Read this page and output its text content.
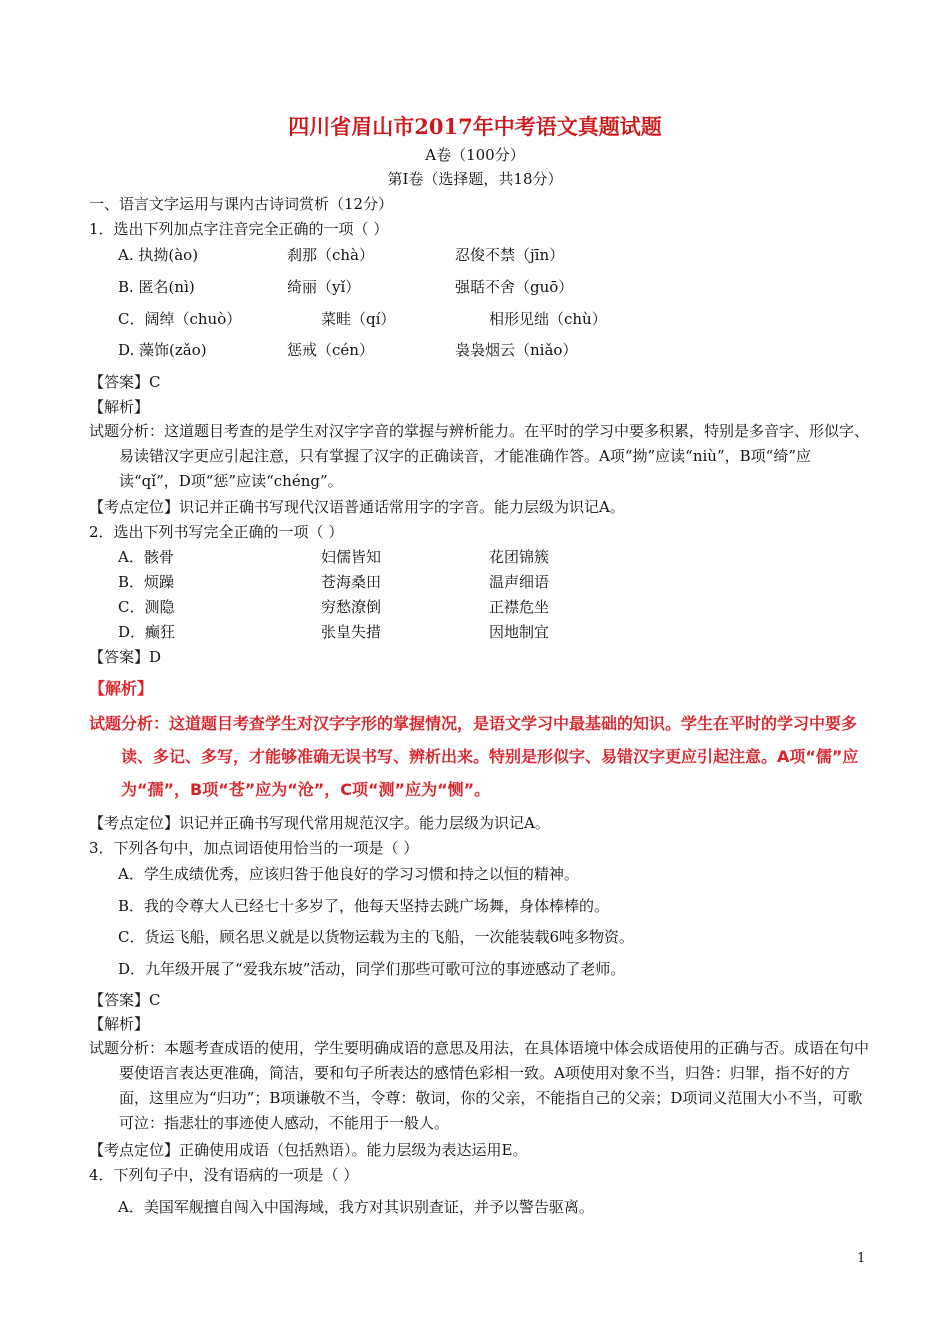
四川省眉山市2017年中考语文真题试题
A卷（100分）
第Ⅰ卷（选择题，共18分）
一、语言文字运用与课内古诗词赏析（12分）
1．选出下列加点字注音完全正确的一项（ ）
A. 执拗(ào)	刹那（chà）	忍俊不禁（jīn）
B. 匿名(nì)	绮丽（yǐ）	强聒不舍（guō）
C．阔绰（chuò）	菜畦（qí）	相形见绌（chù）
D. 藻饰(zǎo)	惩戒（cén）	袅袅烟云（niǎo）
【答案】C
【解析】
试题分析：这道题目考查的是学生对汉字字音的掌握与辨析能力。在平时的学习中要多积累，特别是多音字、形似字、易读错汉字更应引起注意，只有掌握了汉字的正确读音，才能准确作答。A项“拗”应读“niù”，B项“绮”应读“qǐ”，D项“惩”应读“chéng”。
【考点定位】识记并正确书写现代汉语普通话常用字的字音。能力层级为识记A。
2．选出下列书写完全正确的一项（ ）
A．骸骨	妇儒皆知	花团锦簇
B．烦躁	苍海桑田	温声细语
C．测隐	穷愁潦倒	正襟危坐
D．癫狂	张皇失措	因地制宜
【答案】D
【解析】
试题分析：这道题目考查学生对汉字字形的掌握情况，是语文学习中最基础的知识。学生在平时的学习中要多读、多记、多写，才能够准确无误书写、辨析出来。特别是形似字、易错汉字更应引起注意。A项“儒”应为“孺”，B项“苍”应为“沧”，C项“测”应为“恻”。
【考点定位】识记并正确书写现代常用规范汉字。能力层级为识记A。
3．下列各句中，加点词语使用恰当的一项是（ ）
A．学生成绩优秀，应该归咎于他良好的学习习惯和持之以恒的精神。
B．我的令尊大人已经七十多岁了，他每天坚持去跳广场舞，身体棒棒的。
C．货运飞船，顾名思义就是以货物运载为主的飞船，一次能装载6吨多物资。
D．九年级开展了“爱我东坡”活动，同学们那些可歌可泣的事迹感动了老师。
【答案】C
【解析】
试题分析：本题考查成语的使用，学生要明确成语的意思及用法，在具体语境中体会成语使用的正确与否。成语在句中要使语言表达更准确，简洁，要和句子所表达的感情色彩相一致。A项使用对象不当，归咎：归罪，指不好的方面，这里应为“归功”；B项谦敬不当，令尊：敬词，你的父亲，不能指自己的父亲；D项词义范围大小不当，可歌可泣：指悲壮的事迹使人感动，不能用于一般人。
【考点定位】正确使用成语（包括熟语）。能力层级为表达运用E。
4．下列句子中，没有语病的一项是（ ）
A．美国军舰擅自闯入中国海域，我方对其识别查证，并予以警告驱离。
1
